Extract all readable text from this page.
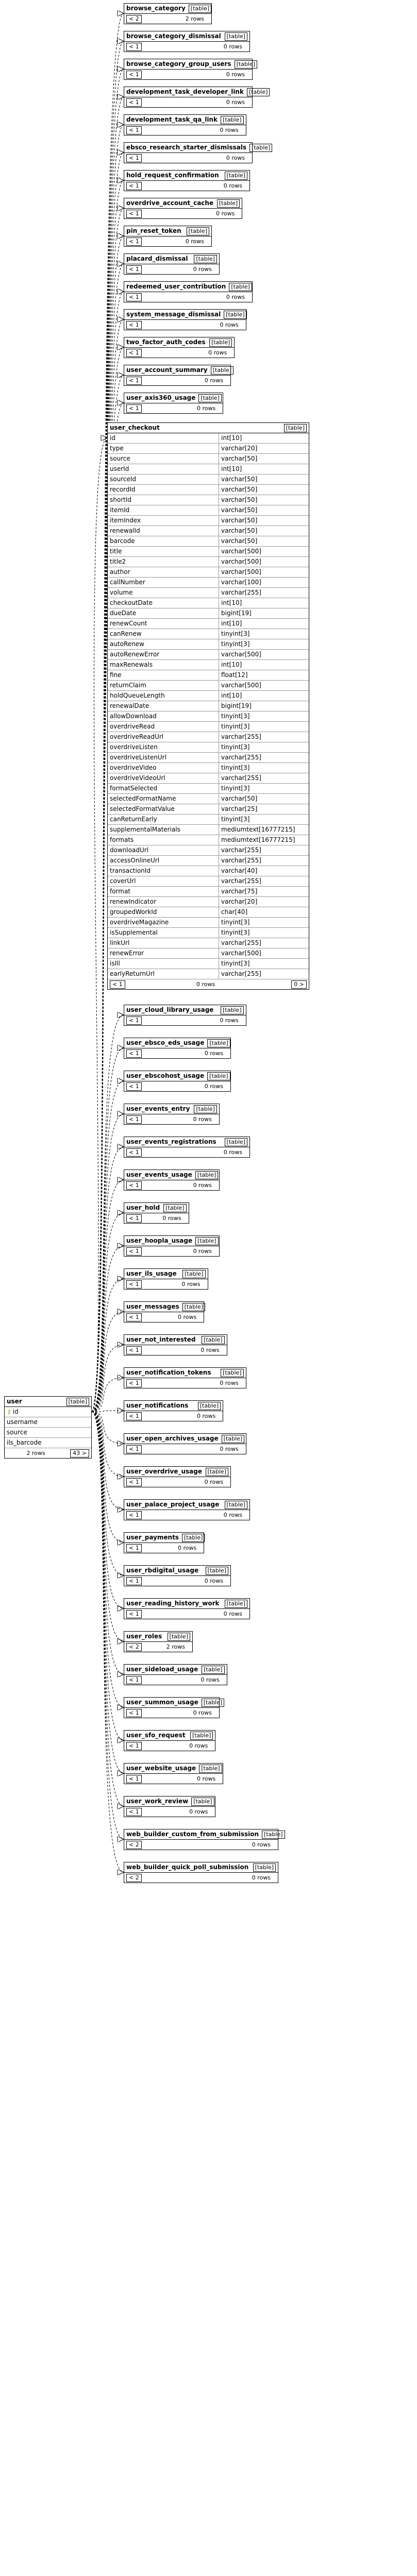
browse_category [table]
< 2	2 rows
browse_category_dismissal [table]
< 1	0 rows
browse_category_group_users [table]
< 1	0 rows
development_task_developer_link [table]
< 1	0 rows
development_task_qa_link [table]
< 1	0 rows
ebsco_research_starter_dismissals [table]
< 1	0 rows
hold_request_confirmation	[table]
< 1	0 rows
overdrive_account_cache [table]
< 1	0 rows
pin_reset_token	[table]
< 1	0 rows
placard_dismissal	[table]
< 1	0 rows
redeemed_user_contribution [table]
< 1	0 rows
system_message_dismissal [table]
< 1	0 rows
two_factor_auth_codes	[table]
< 1	0 rows
user_account_summary [table]
< 1	0 rows
user_axis360_usage [table]
< 1	0 rows
user_checkout	[table]
id	int[10]
type	varchar[20]
source	varchar[50]
userId	int[10]
sourceId	varchar[50]
recordId	varchar[50]
shortId	varchar[50]
itemId	varchar[50]
itemIndex	varchar[50]
renewalId	varchar[50]
barcode	varchar[50]
title	varchar[500]
title2	varchar[500]
author	varchar[500]
callNumber	varchar[100]
volume	varchar[255]
checkoutDate	int[10]
dueDate	bigint[19]
renewCount	int[10]
canRenew	tinyint[3]
autoRenew	tinyint[3]
autoRenewError	varchar[500]
maxRenewals	int[10]
fine	float[12]
returnClaim	varchar[500]
holdQueueLength	int[10]
renewalDate	bigint[19]
allowDownload	tinyint[3]
overdriveRead	tinyint[3]
overdriveReadUrl	varchar[255]
overdriveListen	tinyint[3]
overdriveListenUrl	varchar[255]
overdriveVideo	tinyint[3]
overdriveVideoUrl	varchar[255]
formatSelected	tinyint[3]
selectedFormatName	varchar[50]
selectedFormatValue	varchar[25]
canReturnEarly	tinyint[3]
supplementalMaterials	mediumtext[16777215]
formats	mediumtext[16777215]
downloadUrl	varchar[255]
accessOnlineUrl	varchar[255]
transactionId	varchar[40]
coverUrl	varchar[255]
format	varchar[75]
renewIndicator	varchar[20]
groupedWorkId	char[40]
overdriveMagazine	tinyint[3]
isSupplemental	tinyint[3]
linkUrl	varchar[255]
renewError	varchar[500]
isIll	tinyint[3]
earlyReturnUrl	varchar[255]
< 1	0 rows	0 >
user_cloud_library_usage	[table]
< 1	0 rows
user_ebsco_eds_usage [table]
< 1	0 rows
user_ebscohost_usage [table]
< 1	0 rows
user_events_entry	[table]
< 1	0 rows
user_events_registrations	[table]
< 1	0 rows
user_events_usage [table]
< 1	0 rows
user_hold [table]
< 1	0 rows
user_hoopla_usage [table]
< 1	0 rows
user_ils_usage	[table]
< 1	0 rows
user_messages [table]
< 1	0 rows
user_not_interested	[table]
< 1	0 rows
user_notification_tokens	[table]
< 1	0 rows
user_notifications	[table]
< 1	0 rows
user_open_archives_usage [table]
< 1	0 rows
user_overdrive_usage [table]
< 1	0 rows
user_palace_project_usage	[table]
< 1	0 rows
user_payments [table]
< 1	0 rows
user_rbdigital_usage	[table]
< 1	0 rows
user_reading_history_work	[table]
< 1	0 rows
user_roles	[table]
< 2	2 rows
user_sideload_usage [table]
< 1	0 rows
user_summon_usage [table]
< 1	0 rows
user_sfo_request	[table]
< 1	0 rows
user_website_usage [table]
< 1	0 rows
user_work_review [table]
< 1	0 rows
web_builder_custom_from_submission [table]
< 2	0 rows
web_builder_quick_poll_submission	[table]
< 2	0 rows
user	[table]
⚷ id
username
source
ils_barcode
2 rows	43 >
